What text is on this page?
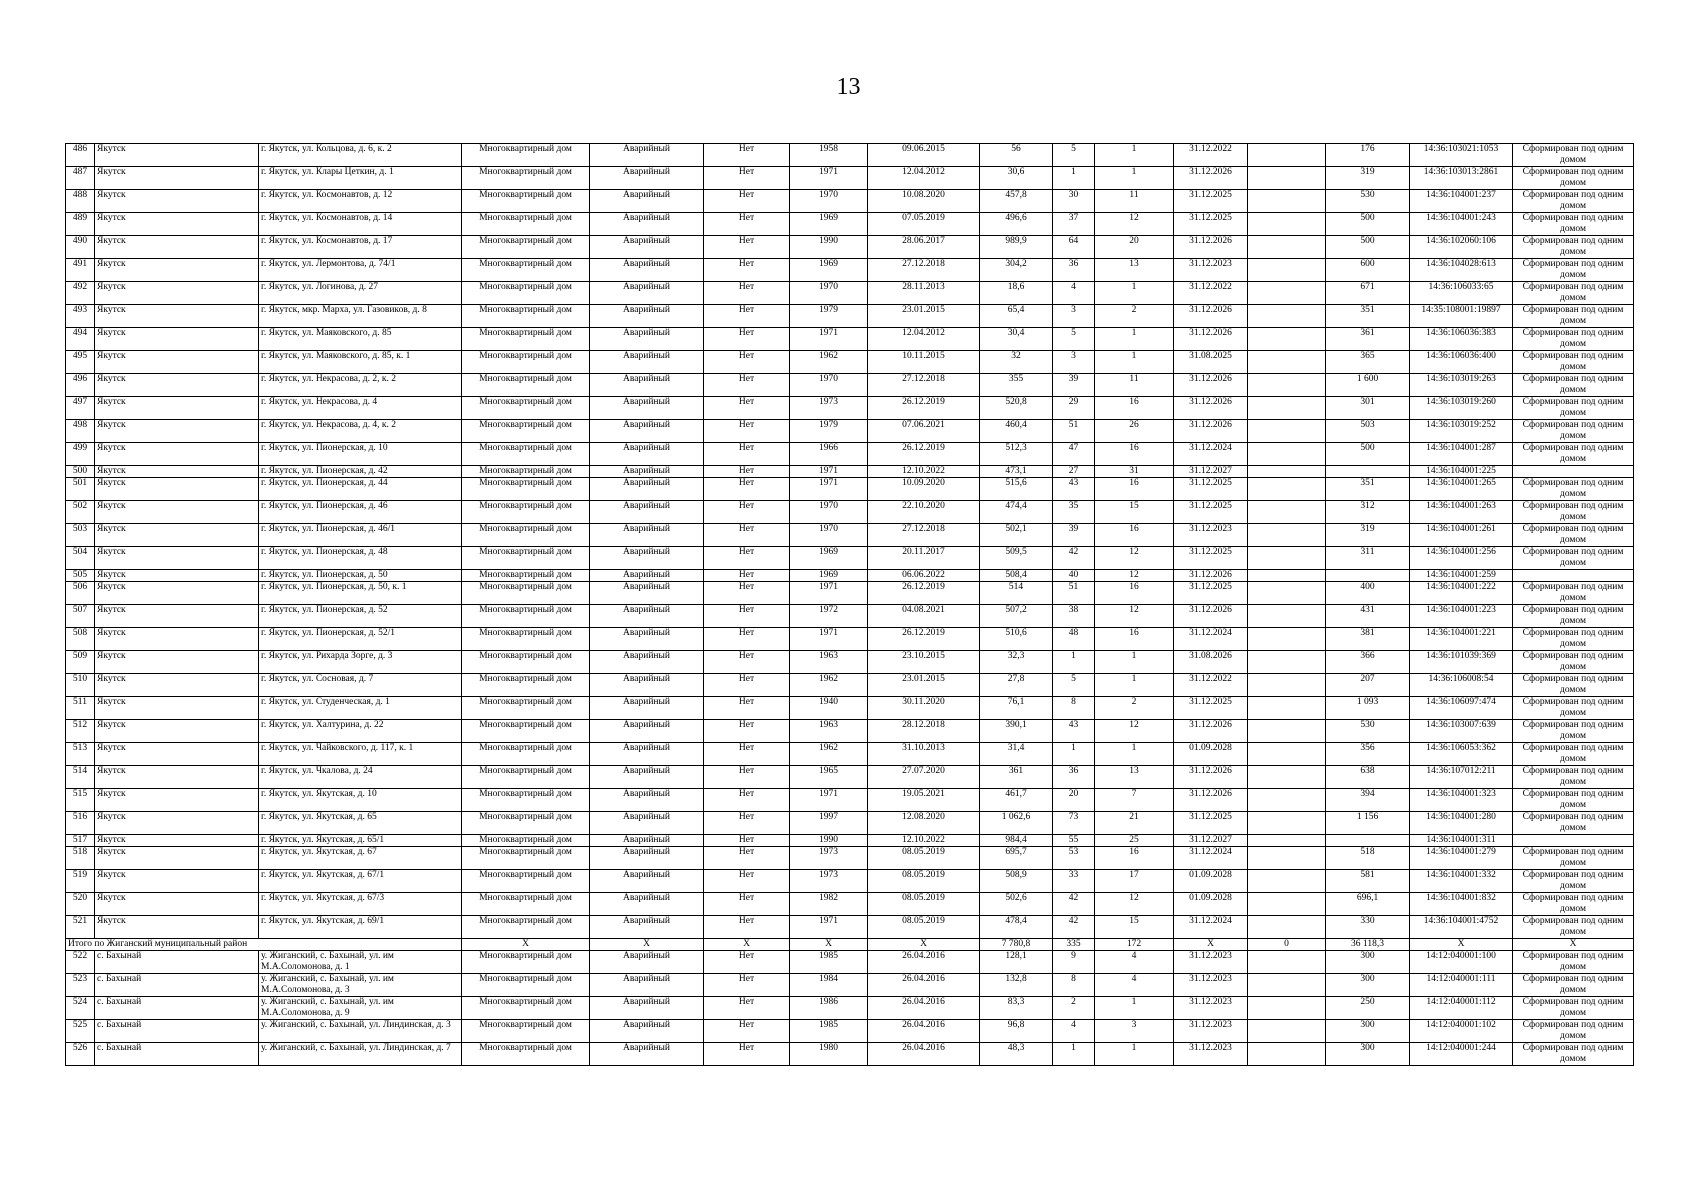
13
486	Якутск	г. Якутск, ул. Кольцова, д. 6, к. 2	Многоквартирный дом	Аварийный	Нет	1958	09.06.2015	56	5	1	31.12.2022		176	14:36:103021:1053	Сформирован под одним домом
487	Якутск	г. Якутск, ул. Клары Цеткин, д. 1	Многоквартирный дом	Аварийный	Нет	1971	12.04.2012	30,6	1	1	31.12.2026		319	14:36:103013:2861	Сформирован под одним домом
488	Якутск	г. Якутск, ул. Космонавтов, д. 12	Многоквартирный дом	Аварийный	Нет	1970	10.08.2020	457,8	30	11	31.12.2025		530	14:36:104001:237	Сформирован под одним домом
489	Якутск	г. Якутск, ул. Космонавтов, д. 14	Многоквартирный дом	Аварийный	Нет	1969	07.05.2019	496,6	37	12	31.12.2025		500	14:36:104001:243	Сформирован под одним домом
490	Якутск	г. Якутск, ул. Космонавтов, д. 17	Многоквартирный дом	Аварийный	Нет	1990	28.06.2017	989,9	64	20	31.12.2026		500	14:36:102060:106	Сформирован под одним домом
491	Якутск	г. Якутск, ул. Лермонтова, д. 74/1	Многоквартирный дом	Аварийный	Нет	1969	27.12.2018	304,2	36	13	31.12.2023		600	14:36:104028:613	Сформирован под одним домом
492	Якутск	г. Якутск, ул. Логинова, д. 27	Многоквартирный дом	Аварийный	Нет	1970	28.11.2013	18,6	4	1	31.12.2022		671	14:36:106033:65	Сформирован под одним домом
493	Якутск	г. Якутск, мкр. Марха, ул. Газовиков, д. 8	Многоквартирный дом	Аварийный	Нет	1979	23.01.2015	65,4	3	2	31.12.2026		351	14:35:108001:19897	Сформирован под одним домом
494	Якутск	г. Якутск, ул. Маяковского, д. 85	Многоквартирный дом	Аварийный	Нет	1971	12.04.2012	30,4	5	1	31.12.2026		361	14:36:106036:383	Сформирован под одним домом
495	Якутск	г. Якутск, ул. Маяковского, д. 85, к. 1	Многоквартирный дом	Аварийный	Нет	1962	10.11.2015	32	3	1	31.08.2025		365	14:36:106036:400	Сформирован под одним домом
496	Якутск	г. Якутск, ул. Некрасова, д. 2, к. 2	Многоквартирный дом	Аварийный	Нет	1970	27.12.2018	355	39	11	31.12.2026		1 600	14:36:103019:263	Сформирован под одним домом
497	Якутск	г. Якутск, ул. Некрасова, д. 4	Многоквартирный дом	Аварийный	Нет	1973	26.12.2019	520,8	29	16	31.12.2026		301	14:36:103019:260	Сформирован под одним домом
498	Якутск	г. Якутск, ул. Некрасова, д. 4, к. 2	Многоквартирный дом	Аварийный	Нет	1979	07.06.2021	460,4	51	26	31.12.2026		503	14:36:103019:252	Сформирован под одним домом
499	Якутск	г. Якутск, ул. Пионерская, д. 10	Многоквартирный дом	Аварийный	Нет	1966	26.12.2019	512,3	47	16	31.12.2024		500	14:36:104001:287	Сформирован под одним домом
500	Якутск	г. Якутск, ул. Пионерская, д. 42	Многоквартирный дом	Аварийный	Нет	1971	12.10.2022	473,1	27	31	31.12.2027			14:36:104001:225	
501	Якутск	г. Якутск, ул. Пионерская, д. 44	Многоквартирный дом	Аварийный	Нет	1971	10.09.2020	515,6	43	16	31.12.2025		351	14:36:104001:265	Сформирован под одним домом
502	Якутск	г. Якутск, ул. Пионерская, д. 46	Многоквартирный дом	Аварийный	Нет	1970	22.10.2020	474,4	35	15	31.12.2025		312	14:36:104001:263	Сформирован под одним домом
503	Якутск	г. Якутск, ул. Пионерская, д. 46/1	Многоквартирный дом	Аварийный	Нет	1970	27.12.2018	502,1	39	16	31.12.2023		319	14:36:104001:261	Сформирован под одним домом
504	Якутск	г. Якутск, ул. Пионерская, д. 48	Многоквартирный дом	Аварийный	Нет	1969	20.11.2017	509,5	42	12	31.12.2025		311	14:36:104001:256	Сформирован под одним домом
505	Якутск	г. Якутск, ул. Пионерская, д. 50	Многоквартирный дом	Аварийный	Нет	1969	06.06.2022	508,4	40	12	31.12.2026			14:36:104001:259	
506	Якутск	г. Якутск, ул. Пионерская, д. 50, к. 1	Многоквартирный дом	Аварийный	Нет	1971	26.12.2019	514	51	16	31.12.2025		400	14:36:104001:222	Сформирован под одним домом
507	Якутск	г. Якутск, ул. Пионерская, д. 52	Многоквартирный дом	Аварийный	Нет	1972	04.08.2021	507,2	38	12	31.12.2026		431	14:36:104001:223	Сформирован под одним домом
508	Якутск	г. Якутск, ул. Пионерская, д. 52/1	Многоквартирный дом	Аварийный	Нет	1971	26.12.2019	510,6	48	16	31.12.2024		381	14:36:104001:221	Сформирован под одним домом
509	Якутск	г. Якутск, ул. Рихарда Зорге, д. 3	Многоквартирный дом	Аварийный	Нет	1963	23.10.2015	32,3	1	1	31.08.2026		366	14:36:101039:369	Сформирован под одним домом
510	Якутск	г. Якутск, ул. Сосновая, д. 7	Многоквартирный дом	Аварийный	Нет	1962	23.01.2015	27,8	5	1	31.12.2022		207	14:36:106008:54	Сформирован под одним домом
511	Якутск	г. Якутск, ул. Студенческая, д. 1	Многоквартирный дом	Аварийный	Нет	1940	30.11.2020	76,1	8	2	31.12.2025		1 093	14:36:106097:474	Сформирован под одним домом
512	Якутск	г. Якутск, ул. Халтурина, д. 22	Многоквартирный дом	Аварийный	Нет	1963	28.12.2018	390,1	43	12	31.12.2026		530	14:36:103007:639	Сформирован под одним домом
513	Якутск	г. Якутск, ул. Чайковского, д. 117, к. 1	Многоквартирный дом	Аварийный	Нет	1962	31.10.2013	31,4	1	1	01.09.2028		356	14:36:106053:362	Сформирован под одним домом
514	Якутск	г. Якутск, ул. Чкалова, д. 24	Многоквартирный дом	Аварийный	Нет	1965	27.07.2020	361	36	13	31.12.2026		638	14:36:107012:211	Сформирован под одним домом
515	Якутск	г. Якутск, ул. Якутская, д. 10	Многоквартирный дом	Аварийный	Нет	1971	19.05.2021	461,7	20	7	31.12.2026		394	14:36:104001:323	Сформирован под одним домом
516	Якутск	г. Якутск, ул. Якутская, д. 65	Многоквартирный дом	Аварийный	Нет	1997	12.08.2020	1 062,6	73	21	31.12.2025		1 156	14:36:104001:280	Сформирован под одним домом
517	Якутск	г. Якутск, ул. Якутская, д. 65/1	Многоквартирный дом	Аварийный	Нет	1990	12.10.2022	984,4	55	25	31.12.2027			14:36:104001:311	
518	Якутск	г. Якутск, ул. Якутская, д. 67	Многоквартирный дом	Аварийный	Нет	1973	08.05.2019	695,7	53	16	31.12.2024		518	14:36:104001:279	Сформирован под одним домом
519	Якутск	г. Якутск, ул. Якутская, д. 67/1	Многоквартирный дом	Аварийный	Нет	1973	08.05.2019	508,9	33	17	01.09.2028		581	14:36:104001:332	Сформирован под одним домом
520	Якутск	г. Якутск, ул. Якутская, д. 67/3	Многоквартирный дом	Аварийный	Нет	1982	08.05.2019	502,6	42	12	01.09.2028		696,1	14:36:104001:832	Сформирован под одним домом
521	Якутск	г. Якутск, ул. Якутская, д. 69/1	Многоквартирный дом	Аварийный	Нет	1971	08.05.2019	478,4	42	15	31.12.2024		330	14:36:104001:4752	Сформирован под одним домом
Итого по Жиганский муниципальный район			X	X	X	X	X	7 780,8	335	172	X	0	36 118,3	X	X
522	с. Бахынай	у. Жиганский, с. Бахынай, ул. им М.А.Соломонова, д. 1	Многоквартирный дом	Аварийный	Нет	1985	26.04.2016	128,1	9	4	31.12.2023		300	14:12:040001:100	Сформирован под одним домом
523	с. Бахынай	у. Жиганский, с. Бахынай, ул. им М.А.Соломонова, д. 3	Многоквартирный дом	Аварийный	Нет	1984	26.04.2016	132,8	8	4	31.12.2023		300	14:12:040001:111	Сформирован под одним домом
524	с. Бахынай	у. Жиганский, с. Бахынай, ул. им М.А.Соломонова, д. 9	Многоквартирный дом	Аварийный	Нет	1986	26.04.2016	83,3	2	1	31.12.2023		250	14:12:040001:112	Сформирован под одним домом
525	с. Бахынай	у. Жиганский, с. Бахынай, ул. Линдинская, д. 3	Многоквартирный дом	Аварийный	Нет	1985	26.04.2016	96,8	4	3	31.12.2023		300	14:12:040001:102	Сформирован под одним домом
526	с. Бахынай	у. Жиганский, с. Бахынай, ул. Линдинская, д. 7	Многоквартирный дом	Аварийный	Нет	1980	26.04.2016	48,3	1	1	31.12.2023		300	14:12:040001:244	Сформирован под одним домом
